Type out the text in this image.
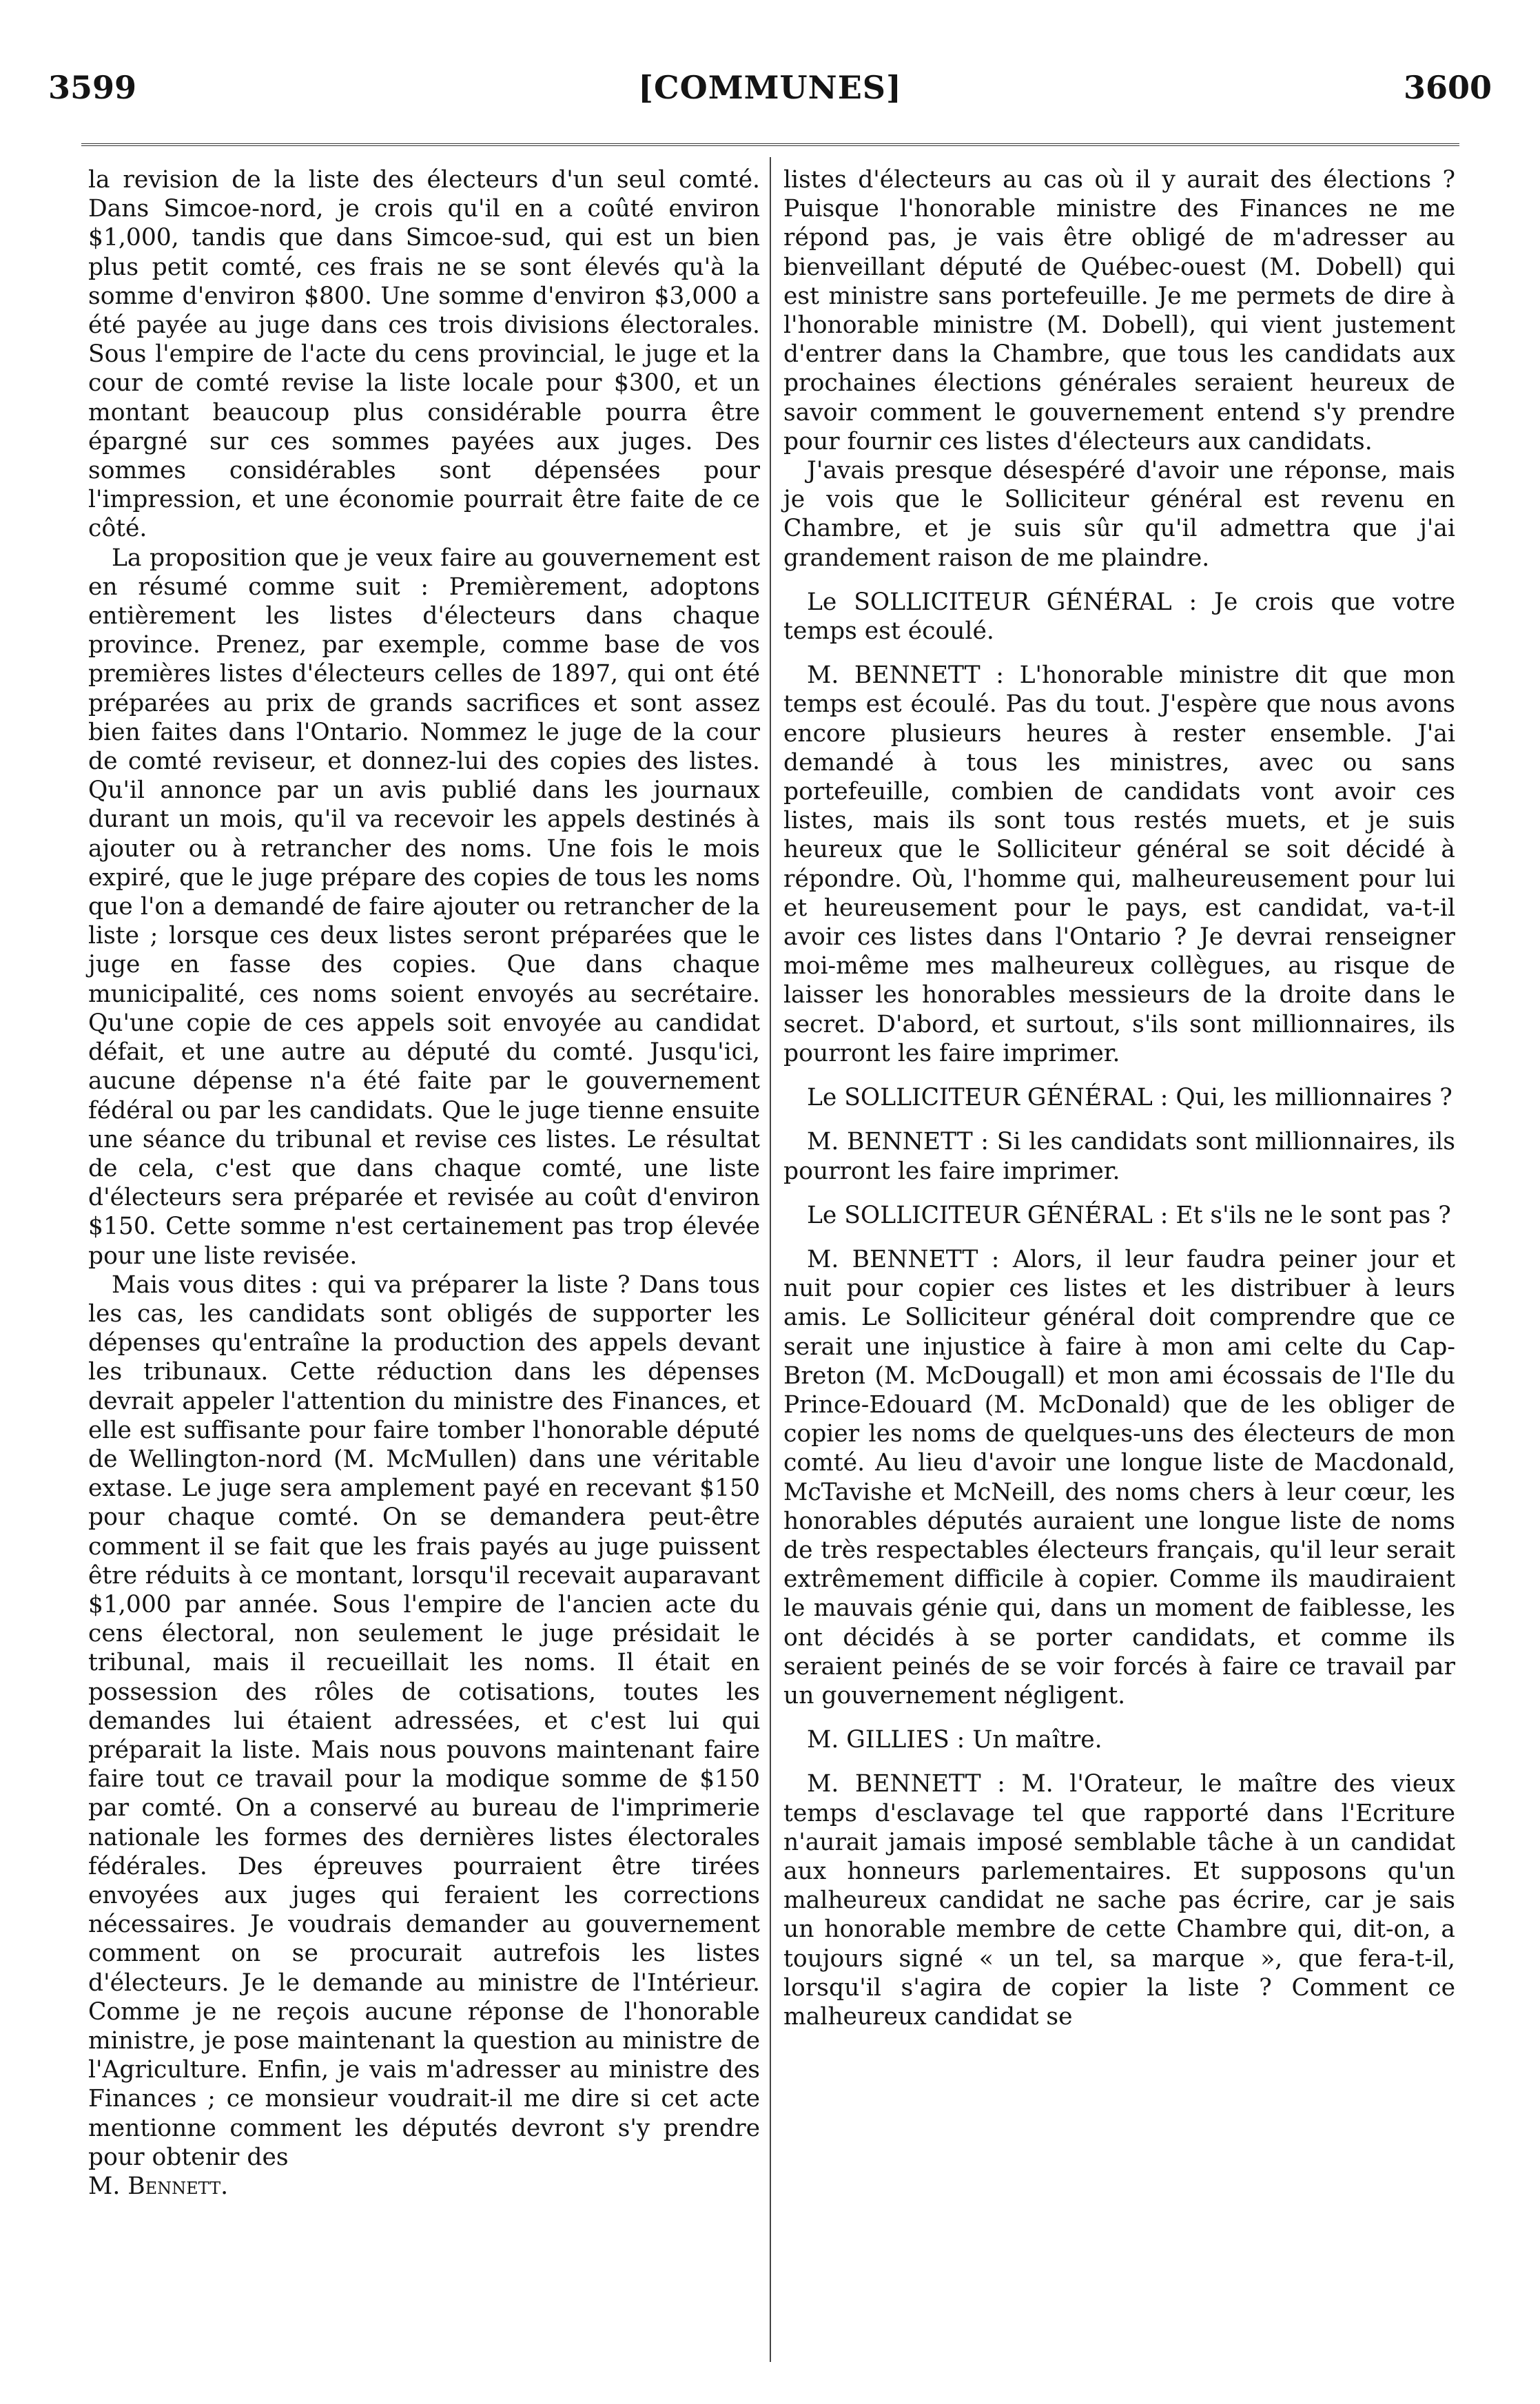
3599	[COMMUNES]	3600

la revision de la liste des électeurs d'un seul comté. Dans Simcoe-nord, je crois qu'il en a coûté environ $1,000, tandis que dans Simcoe-sud, qui est un bien plus petit comté, ces frais ne se sont élevés qu'à la somme d'environ $800. Une somme d'environ $3,000 a été payée au juge dans ces trois divisions électorales. Sous l'empire de l'acte du cens provincial, le juge et la cour de comté revise la liste locale pour $300, et un montant beaucoup plus considérable pourra être épargné sur ces sommes payées aux juges. Des sommes considérables sont dépensées pour l'impression, et une économie pourrait être faite de ce côté.

La proposition que je veux faire au gouvernement est en résumé comme suit : Premièrement, adoptons entièrement les listes d'électeurs dans chaque province. Prenez, par exemple, comme base de vos premières listes d'électeurs celles de 1897, qui ont été préparées au prix de grands sacrifices et sont assez bien faites dans l'Ontario. Nommez le juge de la cour de comté reviseur, et donnez-lui des copies des listes. Qu'il annonce par un avis publié dans les journaux durant un mois, qu'il va recevoir les appels destinés à ajouter ou à retrancher des noms. Une fois le mois expiré, que le juge prépare des copies de tous les noms que l'on a demandé de faire ajouter ou retrancher de la liste ; lorsque ces deux listes seront préparées que le juge en fasse des copies. Que dans chaque municipalité, ces noms soient envoyés au secrétaire. Qu'une copie de ces appels soit envoyée au candidat défait, et une autre au député du comté. Jusqu'ici, aucune dépense n'a été faite par le gouvernement fédéral ou par les candidats. Que le juge tienne ensuite une séance du tribunal et revise ces listes. Le résultat de cela, c'est que dans chaque comté, une liste d'électeurs sera préparée et revisée au coût d'environ $150. Cette somme n'est certainement pas trop élevée pour une liste revisée.

Mais vous dites : qui va préparer la liste ? Dans tous les cas, les candidats sont obligés de supporter les dépenses qu'entraîne la production des appels devant les tribunaux. Cette réduction dans les dépenses devrait appeler l'attention du ministre des Finances, et elle est suffisante pour faire tomber l'honorable député de Wellington-nord (M. McMullen) dans une véritable extase. Le juge sera amplement payé en recevant $150 pour chaque comté. On se demandera peut-être comment il se fait que les frais payés au juge puissent être réduits à ce montant, lorsqu'il recevait auparavant $1,000 par année. Sous l'empire de l'ancien acte du cens électoral, non seulement le juge présidait le tribunal, mais il recueillait les noms. Il était en possession des rôles de cotisations, toutes les demandes lui étaient adressées, et c'est lui qui préparait la liste. Mais nous pouvons maintenant faire faire tout ce travail pour la modique somme de $150 par comté. On a conservé au bureau de l'imprimerie nationale les formes des dernières listes électorales fédérales. Des épreuves pourraient être tirées envoyées aux juges qui feraient les corrections nécessaires. Je voudrais demander au gouvernement comment on se procurait autrefois les listes d'électeurs. Je le demande au ministre de l'Intérieur. Comme je ne reçois aucune réponse de l'honorable ministre, je pose maintenant la question au ministre de l'Agriculture. Enfin, je vais m'adresser au ministre des Finances ; ce monsieur voudrait-il me dire si cet acte mentionne comment les députés devront s'y prendre pour obtenir des

M. Bennett.

listes d'électeurs au cas où il y aurait des élections ? Puisque l'honorable ministre des Finances ne me répond pas, je vais être obligé de m'adresser au bienveillant député de Québec-ouest (M. Dobell) qui est ministre sans portefeuille. Je me permets de dire à l'honorable ministre (M. Dobell), qui vient justement d'entrer dans la Chambre, que tous les candidats aux prochaines élections générales seraient heureux de savoir comment le gouvernement entend s'y prendre pour fournir ces listes d'électeurs aux candidats.

J'avais presque désespéré d'avoir une réponse, mais je vois que le Solliciteur général est revenu en Chambre, et je suis sûr qu'il admettra que j'ai grandement raison de me plaindre.

Le SOLLICITEUR GÉNÉRAL : Je crois que votre temps est écoulé.

M. BENNETT : L'honorable ministre dit que mon temps est écoulé. Pas du tout. J'espère que nous avons encore plusieurs heures à rester ensemble. J'ai demandé à tous les ministres, avec ou sans portefeuille, combien de candidats vont avoir ces listes, mais ils sont tous restés muets, et je suis heureux que le Solliciteur général se soit décidé à répondre. Où, l'homme qui, malheureusement pour lui et heureusement pour le pays, est candidat, va-t-il avoir ces listes dans l'Ontario ? Je devrai renseigner moi-même mes malheureux collègues, au risque de laisser les honorables messieurs de la droite dans le secret. D'abord, et surtout, s'ils sont millionnaires, ils pourront les faire imprimer.

Le SOLLICITEUR GÉNÉRAL : Qui, les millionnaires ?

M. BENNETT : Si les candidats sont millionnaires, ils pourront les faire imprimer.

Le SOLLICITEUR GÉNÉRAL : Et s'ils ne le sont pas ?

M. BENNETT : Alors, il leur faudra peiner jour et nuit pour copier ces listes et les distribuer à leurs amis. Le Solliciteur général doit comprendre que ce serait une injustice à faire à mon ami celte du Cap-Breton (M. McDougall) et mon ami écossais de l'Ile du Prince-Edouard (M. McDonald) que de les obliger de copier les noms de quelques-uns des électeurs de mon comté. Au lieu d'avoir une longue liste de Macdonald, McTavishe et McNeill, des noms chers à leur cœur, les honorables députés auraient une longue liste de noms de très respectables électeurs français, qu'il leur serait extrêmement difficile à copier. Comme ils maudiraient le mauvais génie qui, dans un moment de faiblesse, les ont décidés à se porter candidats, et comme ils seraient peinés de se voir forcés à faire ce travail par un gouvernement négligent.

M. GILLIES : Un maître.

M. BENNETT : M. l'Orateur, le maître des vieux temps d'esclavage tel que rapporté dans l'Ecriture n'aurait jamais imposé semblable tâche à un candidat aux honneurs parlementaires. Et supposons qu'un malheureux candidat ne sache pas écrire, car je sais un honorable membre de cette Chambre qui, dit-on, a toujours signé « un tel, sa marque », que fera-t-il, lorsqu'il s'agira de copier la liste ? Comment ce malheureux candidat se
